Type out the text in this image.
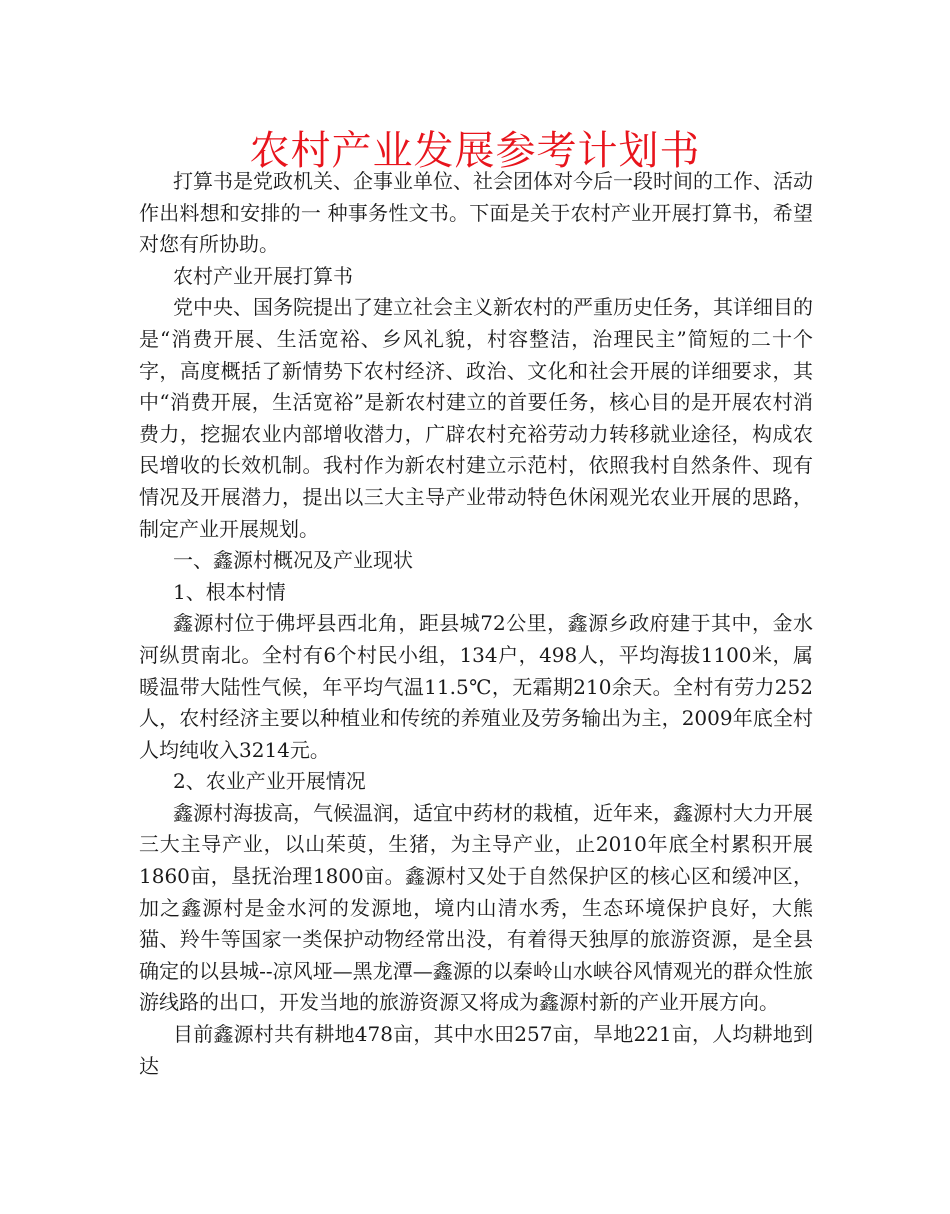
农村产业发展参考计划书

打算书是党政机关、企事业单位、社会团体对今后一段时间的工作、活动作出料想和安排的一 种事务性文书。下面是关于农村产业开展打算书，希望对您有所协助。

农村产业开展打算书

党中央、国务院提出了建立社会主义新农村的严重历史任务，其详细目的是“消费开展、生活宽裕、乡风礼貌，村容整洁，治理民主”简短的二十个字，高度概括了新情势下农村经济、政治、文化和社会开展的详细要求，其中“消费开展，生活宽裕”是新农村建立的首要任务，核心目的是开展农村消费力，挖掘农业内部增收潜力，广辟农村充裕劳动力转移就业途径，构成农民增收的长效机制。我村作为新农村建立示范村，依照我村自然条件、现有情况及开展潜力，提出以三大主导产业带动特色休闲观光农业开展的思路，制定产业开展规划。

一、鑫源村概况及产业现状

1、根本村情

鑫源村位于佛坪县西北角，距县城72公里，鑫源乡政府建于其中，金水河纵贯南北。全村有6个村民小组，134户，498人，平均海拔1100米，属暖温带大陆性气候，年平均气温11.5℃，无霜期210余天。全村有劳力252人，农村经济主要以种植业和传统的养殖业及劳务输出为主，2009年底全村人均纯收入3214元。

2、农业产业开展情况

鑫源村海拔高，气候温润，适宜中药材的栽植，近年来，鑫源村大力开展三大主导产业，以山茱萸，生猪，为主导产业，止2010年底全村累积开展1860亩，垦抚治理1800亩。鑫源村又处于自然保护区的核心区和缓冲区，加之鑫源村是金水河的发源地，境内山清水秀，生态环境保护良好，大熊猫、羚牛等国家一类保护动物经常出没，有着得天独厚的旅游资源，是全县确定的以县城--凉风垭—黑龙潭—鑫源的以秦岭山水峡谷风情观光的群众性旅游线路的出口，开发当地的旅游资源又将成为鑫源村新的产业开展方向。

目前鑫源村共有耕地478亩，其中水田257亩，旱地221亩，人均耕地到达
